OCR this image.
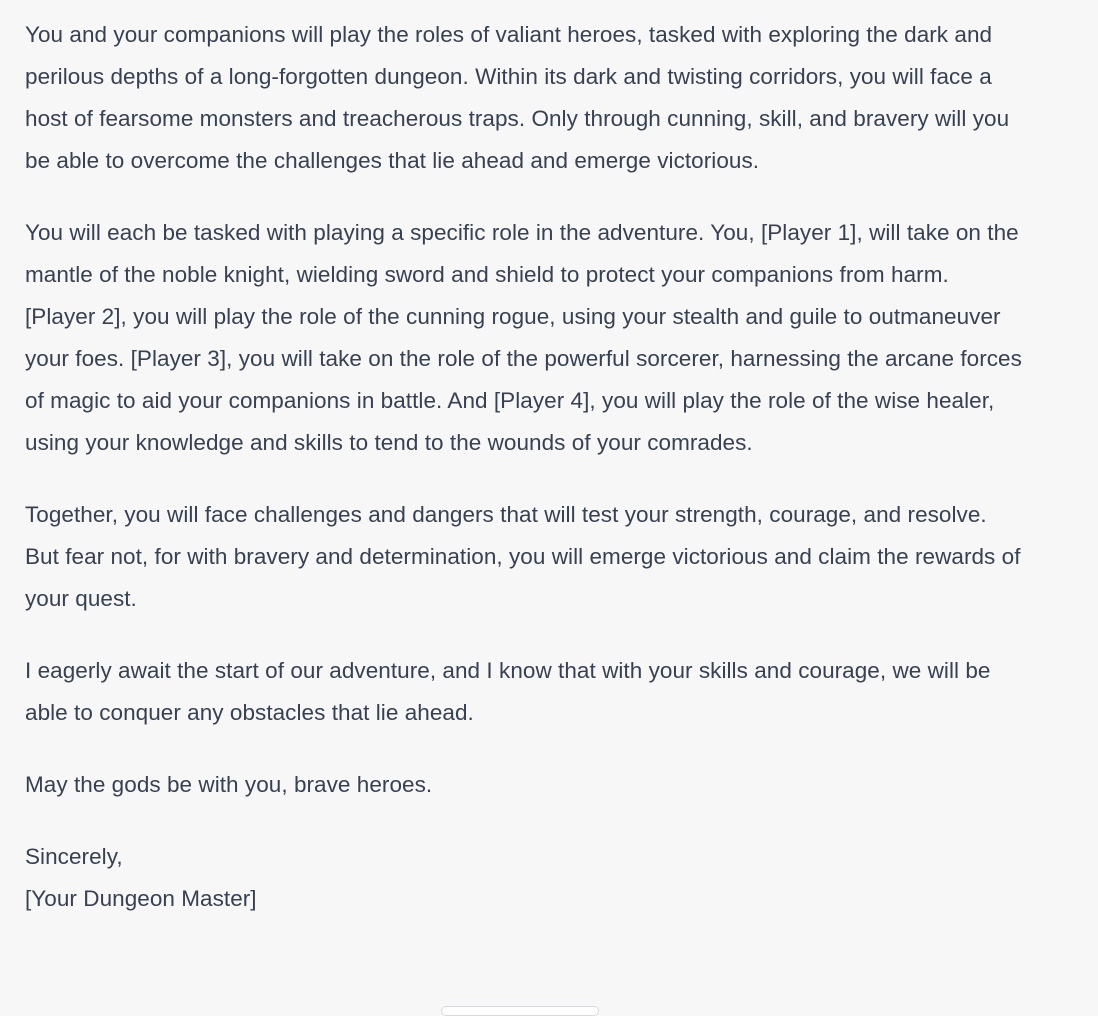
You and your companions will play the roles of valiant heroes, tasked with exploring the dark and perilous depths of a long-forgotten dungeon. Within its dark and twisting corridors, you will face a host of fearsome monsters and treacherous traps. Only through cunning, skill, and bravery will you be able to overcome the challenges that lie ahead and emerge victorious.

You will each be tasked with playing a specific role in the adventure. You, [Player 1], will take on the mantle of the noble knight, wielding sword and shield to protect your companions from harm. [Player 2], you will play the role of the cunning rogue, using your stealth and guile to outmaneuver your foes. [Player 3], you will take on the role of the powerful sorcerer, harnessing the arcane forces of magic to aid your companions in battle. And [Player 4], you will play the role of the wise healer, using your knowledge and skills to tend to the wounds of your comrades.

Together, you will face challenges and dangers that will test your strength, courage, and resolve. But fear not, for with bravery and determination, you will emerge victorious and claim the rewards of your quest.

I eagerly await the start of our adventure, and I know that with your skills and courage, we will be able to conquer any obstacles that lie ahead.

May the gods be with you, brave heroes.

Sincerely,
[Your Dungeon Master]
